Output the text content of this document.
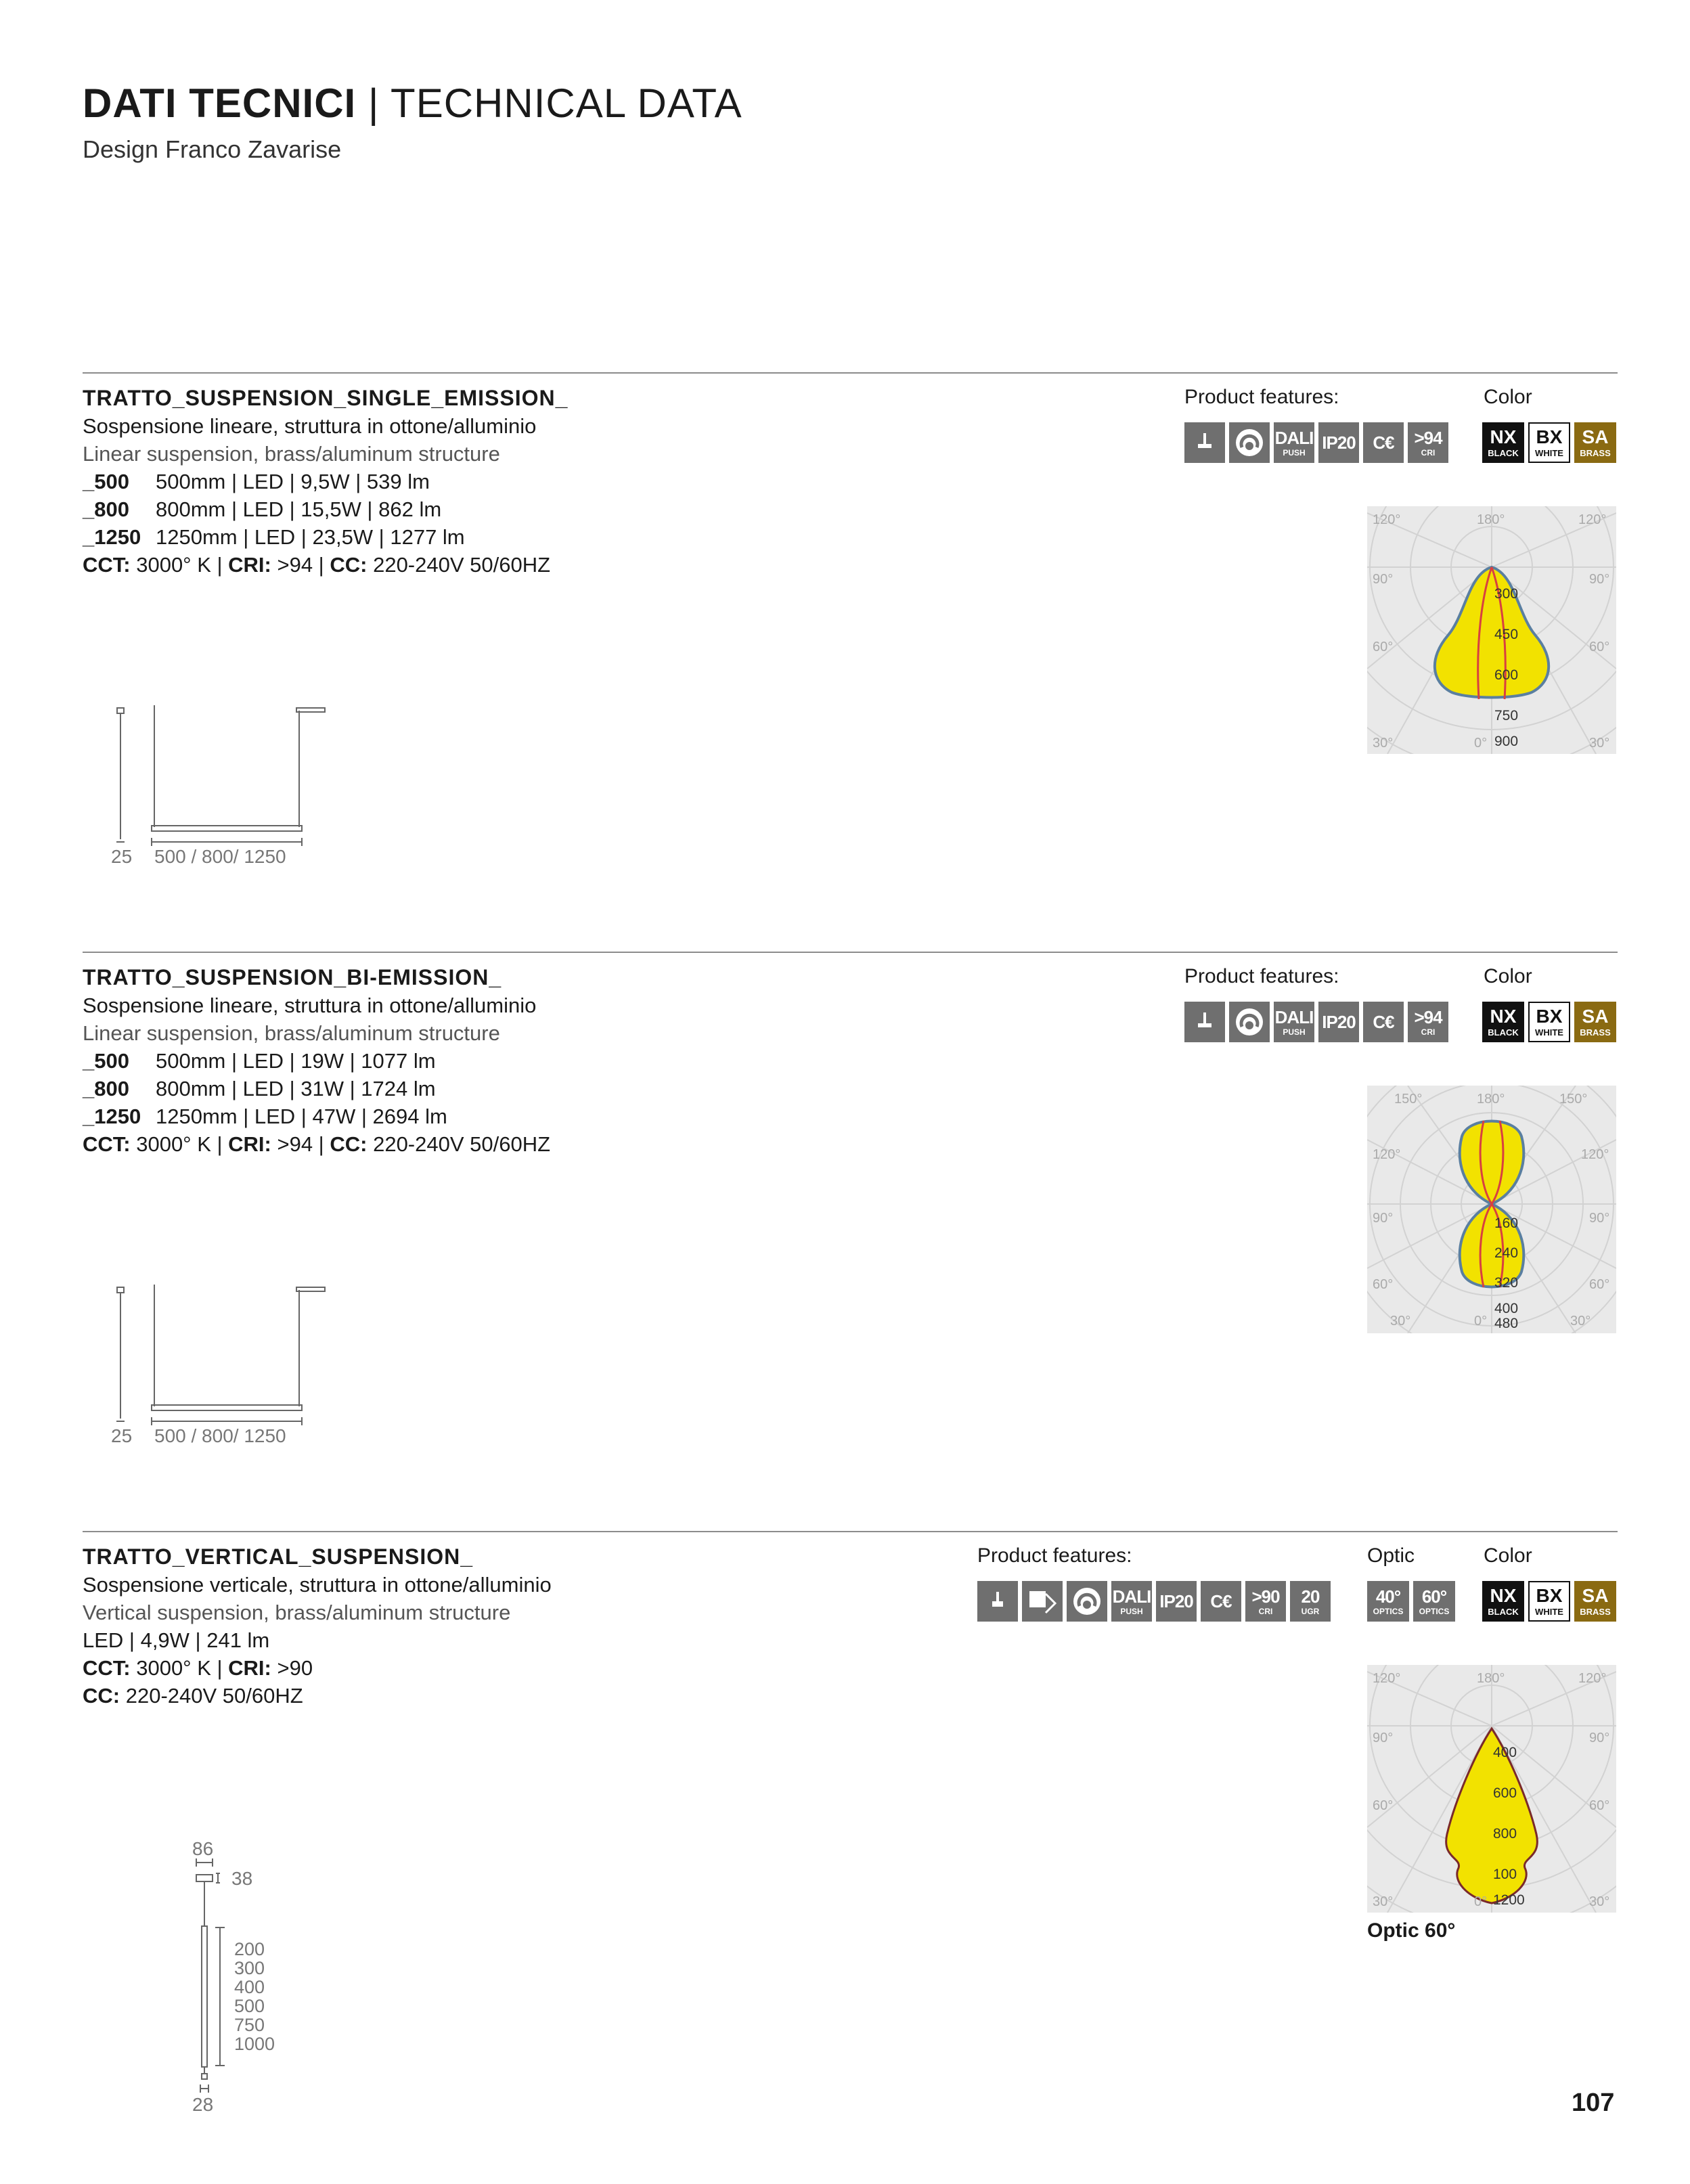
DATI TECNICI | TECHNICAL DATA
Design Franco Zavarise
TRATTO_SUSPENSION_SINGLE_EMISSION_
Sospensione lineare, struttura in ottone/alluminio
Linear suspension, brass/aluminum structure
_500 500mm | LED | 9,5W | 539 lm
_800 800mm | LED | 15,5W | 862 lm
_1250 1250mm | LED | 23,5W | 1277 lm
CCT: 3000° K | CRI: >94 | CC: 220-240V 50/60HZ
Product features:	Color
DALI
PUSH IP20 C€ >94
CRI
NX
BLACK
BX
WHITE
SA
BRASS
120°	180°	120°
90°	90°
60°	60°
30°	0°	30°
300
450
600
750
900
25 500 / 800/ 1250
TRATTO_SUSPENSION_BI-EMISSION_
Sospensione lineare, struttura in ottone/alluminio
Linear suspension, brass/aluminum structure
_500 500mm | LED | 19W | 1077 lm
_800 800mm | LED | 31W | 1724 lm
_1250 1250mm | LED | 47W | 2694 lm
CCT: 3000° K | CRI: >94 | CC: 220-240V 50/60HZ
Product features:	Color
DALI
PUSH IP20 C€ >94
CRI
NX
BLACK
BX
WHITE
SA
BRASS
150°	180°	150°
120°	120°
90°	90°
60°	60°
30°	0°	30°
160
240
320
400
480
25 500 / 800/ 1250
TRATTO_VERTICAL_SUSPENSION_
Sospensione verticale, struttura in ottone/alluminio
Vertical suspension, brass/aluminum structure
LED | 4,9W | 241 lm
CCT: 3000° K | CRI: >90
CC: 220-240V 50/60HZ
Product features:	Optic	Color
DALI
PUSH IP20 C€ >90
CRI
20
UGR
40°
OPTICS
60°
OPTICS
NX
BLACK
BX
WHITE
SA
BRASS
120°	180°	120°
90°	90°
60°	60°
30°	0°	30°
400
600
800
100
1200
Optic 60°
86
38
200
300
400
500
750
1000
28	107
